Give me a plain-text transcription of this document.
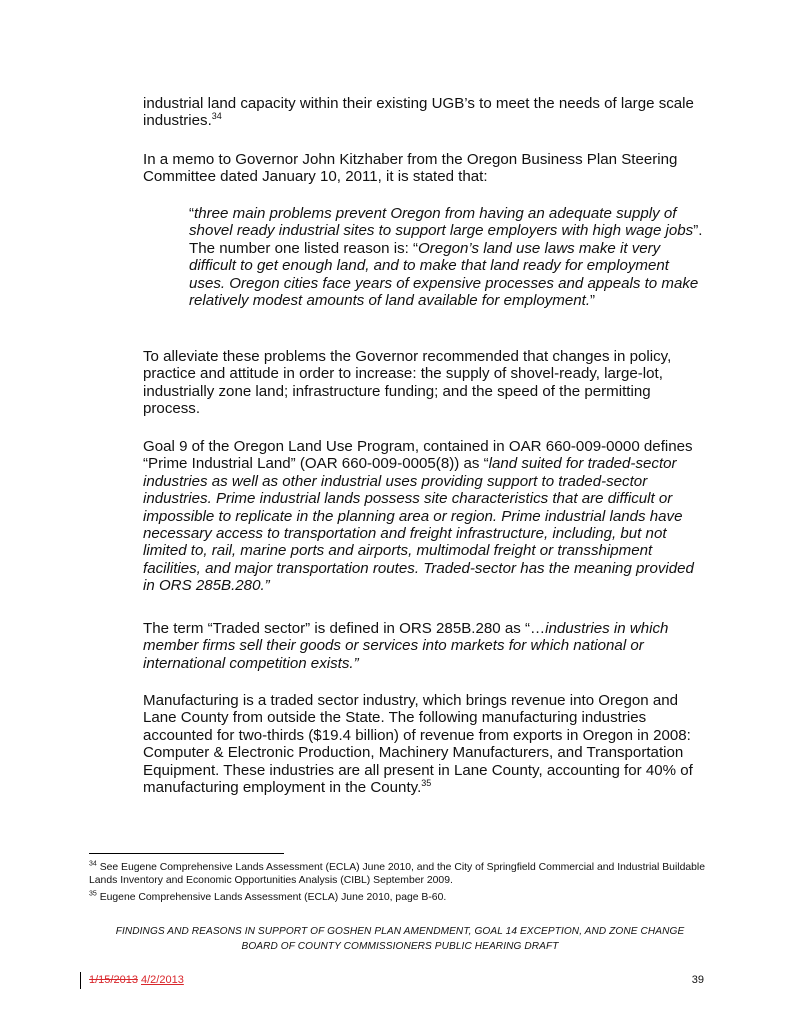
industrial land capacity within their existing UGB’s to meet the needs of large scale industries.$^{34}$

In a memo to Governor John Kitzhaber from the Oregon Business Plan Steering Committee dated January 10, 2011, it is stated that:

“three main problems prevent Oregon from having an adequate supply of shovel ready industrial sites to support large employers with high wage jobs”. The number one listed reason is: “Oregon’s land use laws make it very difficult to get enough land, and to make that land ready for employment uses. Oregon cities face years of expensive processes and appeals to make relatively modest amounts of land available for employment.”

To alleviate these problems the Governor recommended that changes in policy, practice and attitude in order to increase: the supply of shovel-ready, large-lot, industrially zone land; infrastructure funding; and the speed of the permitting process.

Goal 9 of the Oregon Land Use Program, contained in OAR 660-009-0000 defines “Prime Industrial Land” (OAR 660-009-0005(8)) as “land suited for traded-sector industries as well as other industrial uses providing support to traded-sector industries. Prime industrial lands possess site characteristics that are difficult or impossible to replicate in the planning area or region. Prime industrial lands have necessary access to transportation and freight infrastructure, including, but not limited to, rail, marine ports and airports, multimodal freight or transshipment facilities, and major transportation routes. Traded-sector has the meaning provided in ORS 285B.280.”

The term “Traded sector” is defined in ORS 285B.280 as “…industries in which member firms sell their goods or services into markets for which national or international competition exists.”

Manufacturing is a traded sector industry, which brings revenue into Oregon and Lane County from outside the State. The following manufacturing industries accounted for two-thirds ($19.4 billion) of revenue from exports in Oregon in 2008: Computer & Electronic Production, Machinery Manufacturers, and Transportation Equipment. These industries are all present in Lane County, accounting for 40% of manufacturing employment in the County.$^{35}$

$^{34}$ See Eugene Comprehensive Lands Assessment (ECLA) June 2010, and the City of Springfield Commercial and Industrial Buildable Lands Inventory and Economic Opportunities Analysis (CIBL) September 2009.
$^{35}$ Eugene Comprehensive Lands Assessment (ECLA) June 2010, page B-60.
FINDINGS AND REASONS IN SUPPORT OF GOSHEN PLAN AMENDMENT, GOAL 14 EXCEPTION, AND ZONE CHANGE
BOARD OF COUNTY COMMISSIONERS PUBLIC HEARING DRAFT
1/15/2013 4/2/2013	39
